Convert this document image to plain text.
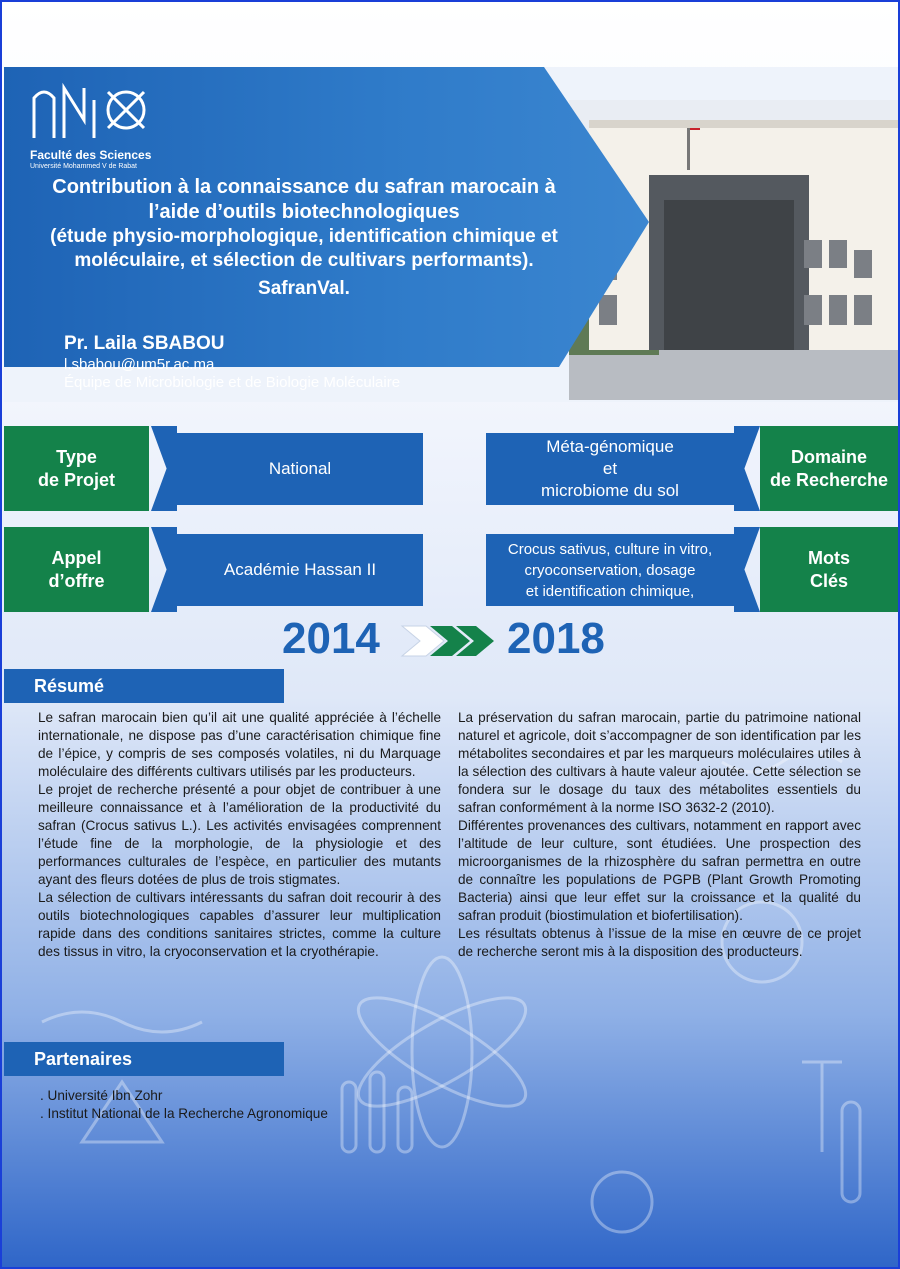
Faculté des Sciences
Université Mohammed V de Rabat
Contribution à la connaissance du safran marocain à
l’aide d’outils biotechnologiques
(étude physio-morphologique, identification chimique et
moléculaire, et sélection de cultivars performants).
SafranVal.
Pr. Laila SBABOU
l.sbabou@um5r.ac.ma
Équipe de Microbiologie et de Biologie Moléculaire
Type
de Projet
National
Méta-génomique
et
microbiome du sol
Domaine
de Recherche
Appel
d’offre
Académie Hassan II
Crocus sativus, culture in vitro,
cryoconservation, dosage
et identification chimique,
Mots
Clés
2014	2018
Résumé

Le safran marocain bien qu’il ait une qualité appréciée à l’échelle internationale, ne dispose pas d’une caractérisation chimique fine de l’épice, y compris de ses composés volatiles, ni du Marquage moléculaire des différents cultivars utilisés par les producteurs.

Le projet de recherche présenté a pour objet de contribuer à une meilleure connaissance et à l’amélioration de la productivité du safran (Crocus sativus L.). Les activités envisagées comprennent l’étude fine de la morphologie, de la physiologie et des performances culturales de l’espèce, en particulier des mutants ayant des fleurs dotées de plus de trois stigmates.

La sélection de cultivars intéressants du safran doit recourir à des outils biotechnologiques capables d’assurer leur multiplication rapide dans des conditions sanitaires strictes, comme la culture des tissus in vitro, la cryoconservation et la cryothérapie.

La préservation du safran marocain, partie du patrimoine national naturel et agricole, doit s’accompagner de son identification par les métabolites secondaires et par les marqueurs moléculaires utiles à la sélection des cultivars à haute valeur ajoutée. Cette sélection se fondera sur le dosage du taux des métabolites essentiels du safran conformément à la norme ISO 3632-2 (2010).

Différentes provenances des cultivars, notamment en rapport avec l’altitude de leur culture, sont étudiées. Une prospection des microorganismes de la rhizosphère du safran permettra en outre de connaître les populations de PGPB (Plant Growth Promoting Bacteria) ainsi que leur effet sur la croissance et la qualité du safran produit (biostimulation et biofertilisation).

Les résultats obtenus à l’issue de la mise en œuvre de ce projet de recherche seront mis à la disposition des producteurs.

Partenaires
. Université Ibn Zohr
. Institut National de la Recherche Agronomique
